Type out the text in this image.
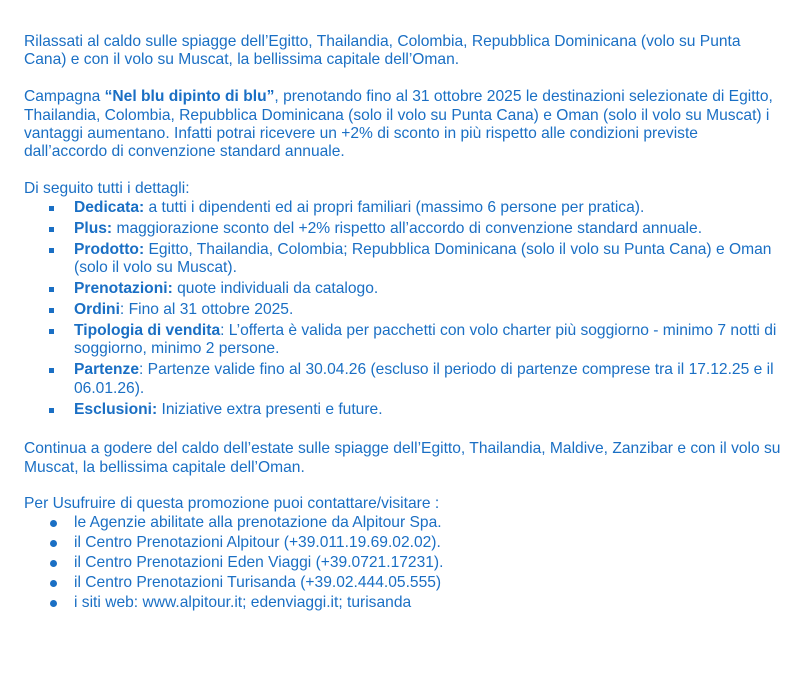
Rilassati al caldo sulle spiagge dell’Egitto, Thailandia, Colombia, Repubblica Dominicana (volo su Punta Cana) e con il volo su Muscat, la bellissima capitale dell’Oman.

Campagna “Nel blu dipinto di blu”, prenotando fino al 31 ottobre 2025 le destinazioni selezionate di Egitto, Thailandia, Colombia, Repubblica Dominicana (solo il volo su Punta Cana) e Oman (solo il volo su Muscat) i vantaggi aumentano. Infatti potrai ricevere un +2% di sconto in più rispetto alle condizioni previste dall’accordo di convenzione standard annuale.

Di seguito tutti i dettagli:

Dedicata: a tutti i dipendenti ed ai propri familiari (massimo 6 persone per pratica).
Plus: maggiorazione sconto del +2% rispetto all’accordo di convenzione standard annuale.
Prodotto: Egitto, Thailandia, Colombia; Repubblica Dominicana (solo il volo su Punta Cana) e Oman (solo il volo su Muscat).
Prenotazioni: quote individuali da catalogo.
Ordini: Fino al 31 ottobre 2025.
Tipologia di vendita: L’offerta è valida per pacchetti con volo charter più soggiorno - minimo 7 notti di soggiorno, minimo 2 persone.
Partenze: Partenze valide fino al 30.04.26 (escluso il periodo di partenze comprese tra il 17.12.25 e il 06.01.26).
Esclusioni: Iniziative extra presenti e future.

Continua a godere del caldo dell’estate sulle spiagge dell’Egitto, Thailandia, Maldive, Zanzibar e con il volo su Muscat, la bellissima capitale dell’Oman.

Per Usufruire di questa promozione puoi contattare/visitare :

le Agenzie abilitate alla prenotazione da Alpitour Spa.
il Centro Prenotazioni Alpitour (+39.011.19.69.02.02).
il Centro Prenotazioni Eden Viaggi (+39.0721.17231).
il Centro Prenotazioni Turisanda (+39.02.444.05.555)
i siti web: www.alpitour.it; edenviaggi.it; turisanda
